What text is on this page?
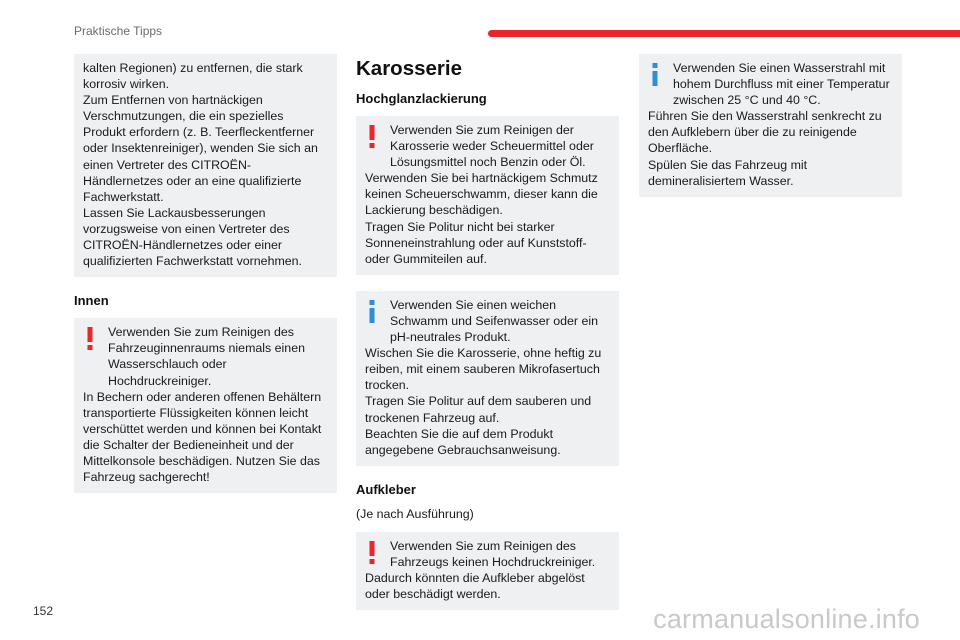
Praktische Tipps

kalten Regionen) zu entfernen, die stark korrosiv wirken.

Zum Entfernen von hartnäckigen Verschmutzungen, die ein spezielles Produkt erfordern (z. B. Teerfleckentferner oder Insektenreiniger), wenden Sie sich an einen Vertreter des CITROËN-Händlernetzes oder an eine qualifizierte Fachwerkstatt.

Lassen Sie Lackausbesserungen vorzugsweise von einen Vertreter des CITROËN-Händlernetzes oder einer qualifizierten Fachwerkstatt vornehmen.

Innen

Verwenden Sie zum Reinigen des Fahrzeuginnenraums niemals einen Wasserschlauch oder Hochdruckreiniger.

In Bechern oder anderen offenen Behältern transportierte Flüssigkeiten können leicht verschüttet werden und können bei Kontakt die Schalter der Bedieneinheit und der Mittelkonsole beschädigen. Nutzen Sie das Fahrzeug sachgerecht!

Karosserie
Hochglanzlackierung

Verwenden Sie zum Reinigen der Karosserie weder Scheuermittel oder Lösungsmittel noch Benzin oder Öl.

Verwenden Sie bei hartnäckigem Schmutz keinen Scheuerschwamm, dieser kann die Lackierung beschädigen.

Tragen Sie Politur nicht bei starker Sonneneinstrahlung oder auf Kunststoff- oder Gummiteilen auf.

Verwenden Sie einen weichen Schwamm und Seifenwasser oder ein pH-neutrales Produkt.

Wischen Sie die Karosserie, ohne heftig zu reiben, mit einem sauberen Mikrofasertuch trocken.

Tragen Sie Politur auf dem sauberen und trockenen Fahrzeug auf.

Beachten Sie die auf dem Produkt angegebene Gebrauchsanweisung.

Aufkleber

(Je nach Ausführung)

Verwenden Sie zum Reinigen des Fahrzeugs keinen Hochdruckreiniger.

Dadurch könnten die Aufkleber abgelöst oder beschädigt werden.

Verwenden Sie einen Wasserstrahl mit hohem Durchfluss mit einer Temperatur zwischen 25 °C und 40 °C.

Führen Sie den Wasserstrahl senkrecht zu den Aufklebern über die zu reinigende Oberfläche.

Spülen Sie das Fahrzeug mit demineralisiertem Wasser.

152	carmanualsonline.info
